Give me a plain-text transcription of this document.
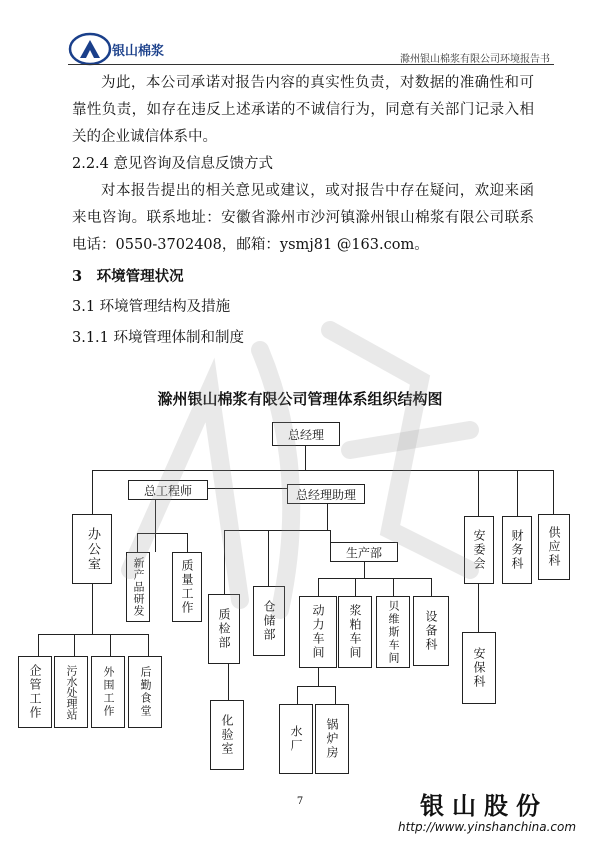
银山棉浆
滁州银山棉浆有限公司环境报告书

为此，本公司承诺对报告内容的真实性负责，对数据的准确性和可靠性负责，如存在违反上述承诺的不诚信行为，同意有关部门记录入相关的企业诚信体系中。

2.2.4 意见咨询及信息反馈方式

对本报告提出的相关意见或建议，或对报告中存在疑问，欢迎来函来电咨询。联系地址：安徽省滁州市沙河镇滁州银山棉浆有限公司联系电话：0550-3702408，邮箱：ysmj81 @163.com。

3　环境管理状况

3.1 环境管理结构及措施

3.1.1 环境管理体制和制度

滁州银山棉浆有限公司管理体系组织结构图
总经理
总工程师	总经理助理
办公室
新产品研发	质量工作
生产部
质检部	仓储部	动力车间	浆粕车间	贝维斯车间	设备科
安委会	财务科	供应科
安保科
化验室	水厂	锅炉房
企管工作	污水处理站	外围工作	后勤食堂
7	银山股份
http://www.yinshanchina.com
